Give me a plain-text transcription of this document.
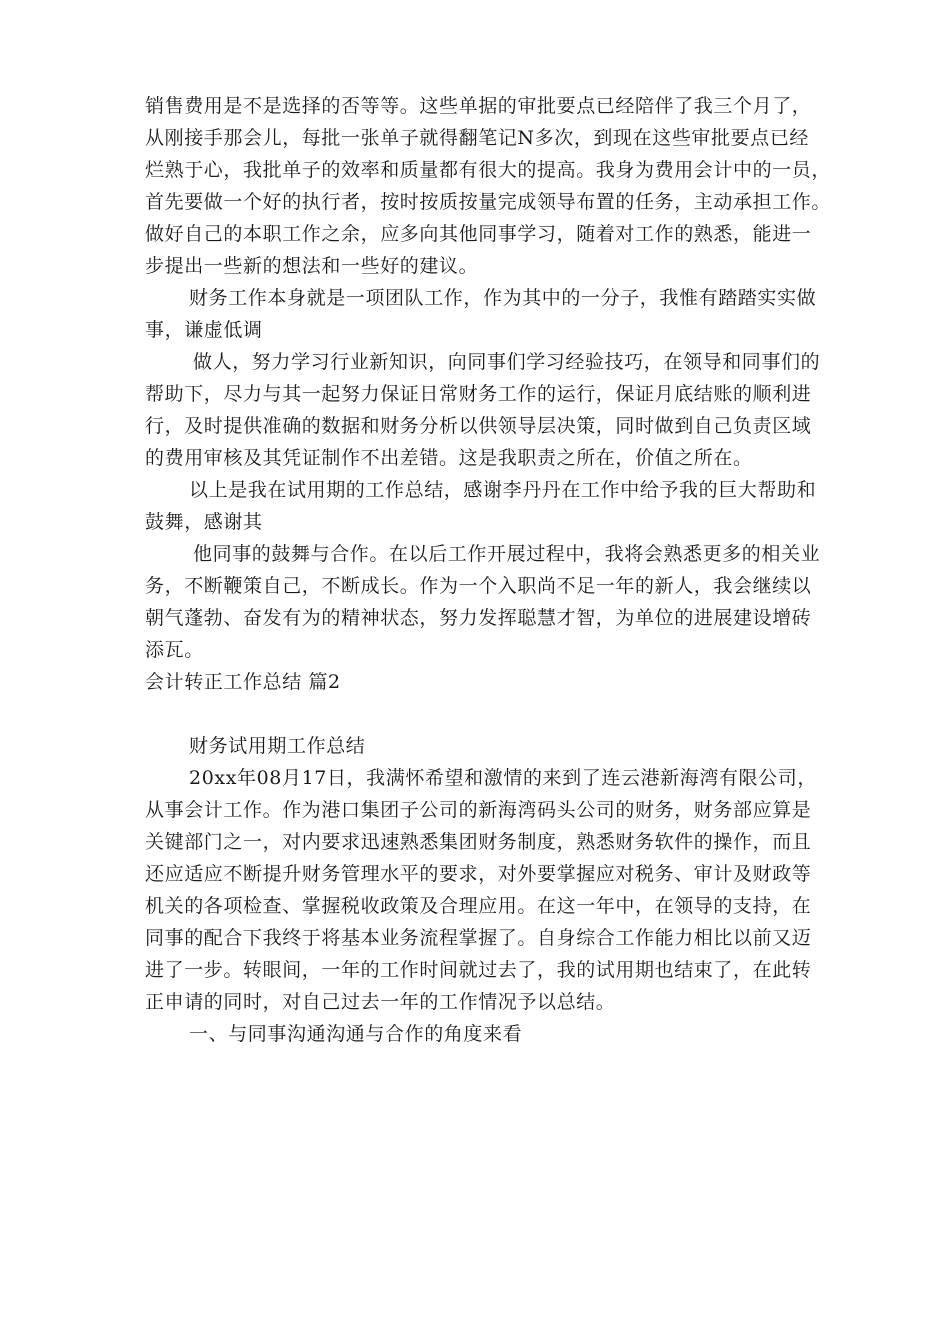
销售费用是不是选择的否等等。这些单据的审批要点已经陪伴了我三个月了，
从刚接手那会儿，每批一张单子就得翻笔记N多次，到现在这些审批要点已经
烂熟于心，我批单子的效率和质量都有很大的提高。我身为费用会计中的一员，
首先要做一个好的执行者，按时按质按量完成领导布置的任务，主动承担工作。
做好自己的本职工作之余，应多向其他同事学习，随着对工作的熟悉，能进一
步提出一些新的想法和一些好的建议。
财务工作本身就是一项团队工作，作为其中的一分子，我惟有踏踏实实做
事，谦虚低调
做人，努力学习行业新知识，向同事们学习经验技巧，在领导和同事们的
帮助下，尽力与其一起努力保证日常财务工作的运行，保证月底结账的顺利进
行，及时提供准确的数据和财务分析以供领导层决策，同时做到自己负责区域
的费用审核及其凭证制作不出差错。这是我职责之所在，价值之所在。
以上是我在试用期的工作总结，感谢李丹丹在工作中给予我的巨大帮助和
鼓舞，感谢其
他同事的鼓舞与合作。在以后工作开展过程中，我将会熟悉更多的相关业
务，不断鞭策自己，不断成长。作为一个入职尚不足一年的新人，我会继续以
朝气蓬勃、奋发有为的精神状态，努力发挥聪慧才智，为单位的进展建设增砖
添瓦。
会计转正工作总结 篇2
财务试用期工作总结
20xx年08月17日，我满怀希望和激情的来到了连云港新海湾有限公司，
从事会计工作。作为港口集团子公司的新海湾码头公司的财务，财务部应算是
关键部门之一，对内要求迅速熟悉集团财务制度，熟悉财务软件的操作，而且
还应适应不断提升财务管理水平的要求，对外要掌握应对税务、审计及财政等
机关的各项检查、掌握税收政策及合理应用。在这一年中，在领导的支持，在
同事的配合下我终于将基本业务流程掌握了。自身综合工作能力相比以前又迈
进了一步。转眼间，一年的工作时间就过去了，我的试用期也结束了，在此转
正申请的同时，对自己过去一年的工作情况予以总结。
一、与同事沟通沟通与合作的角度来看
